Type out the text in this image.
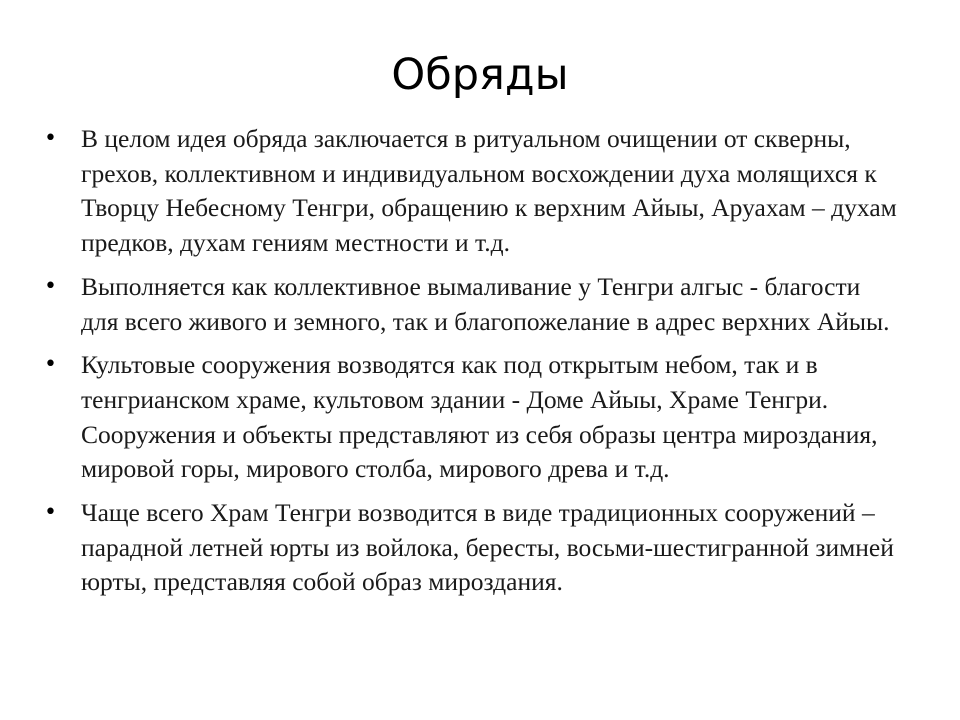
Обряды
• В целом идея обряда заключается в ритуальном очищении от скверны, грехов, коллективном и индивидуальном восхождении духа молящихся к Творцу Небесному Тенгри, обращению к верхним Айыы, Аруахам – духам предков, духам гениям местности и т.д.
• Выполняется как коллективное вымаливание у Тенгри алгыс - благости для всего живого и земного, так и благопожелание в адрес верхних Айыы.
• Культовые сооружения возводятся как под открытым небом, так и в тенгрианском храме, культовом здании - Доме Айыы, Храме Тенгри. Сооружения и объекты представляют из себя образы центра мироздания, мировой горы, мирового столба, мирового древа и т.д.
• Чаще всего Храм Тенгри возводится в виде традиционных сооружений – парадной летней юрты из войлока, бересты, восьми-шестигранной зимней юрты, представляя собой образ мироздания.
